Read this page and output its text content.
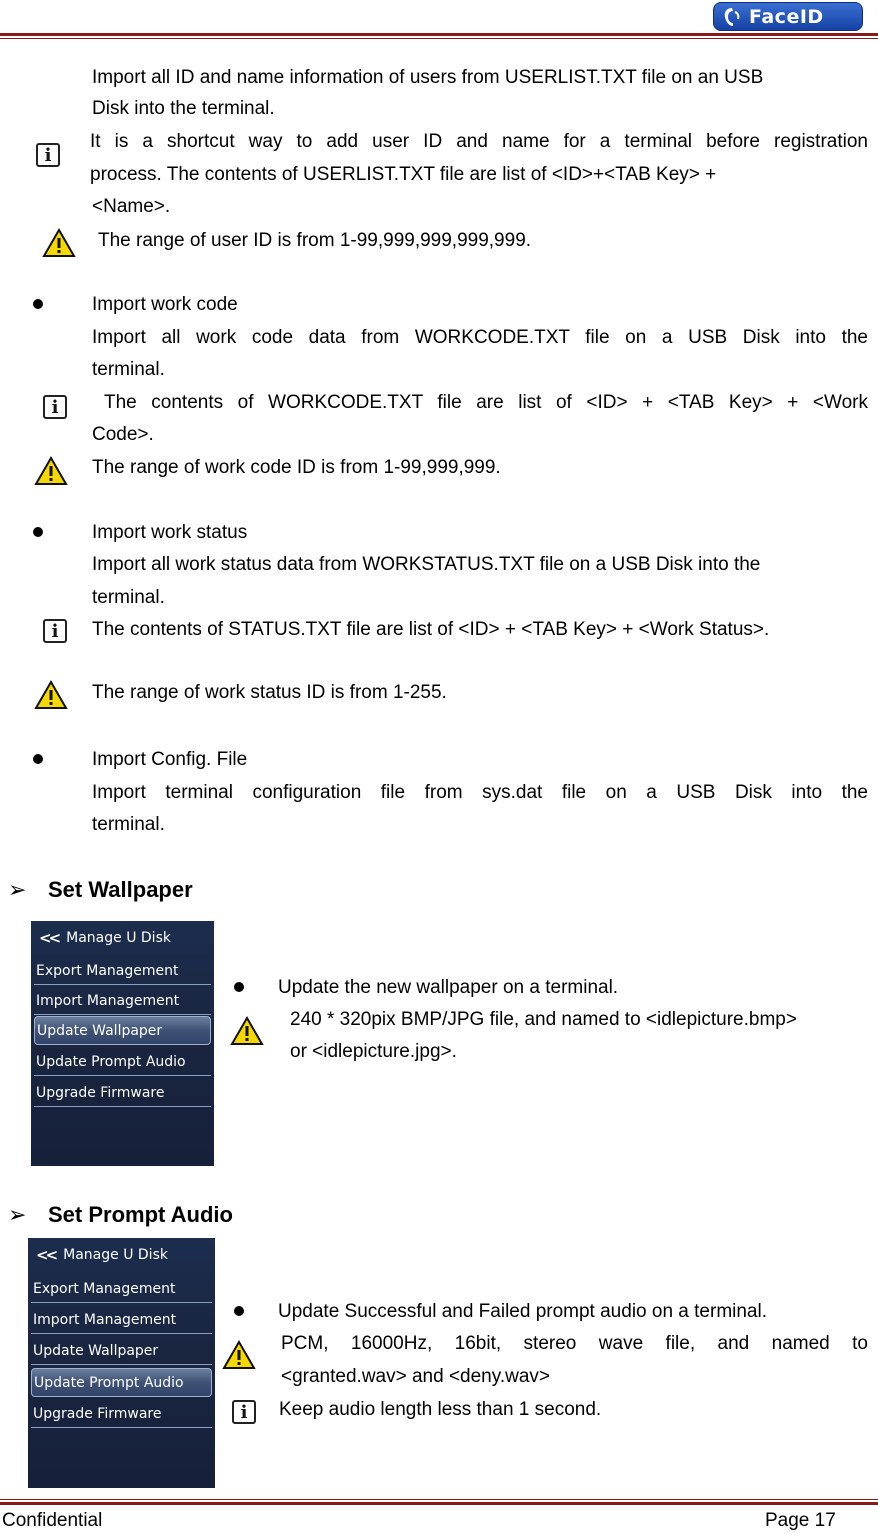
FaceID
Import all ID and name information of users from USERLIST.TXT file on an USB
Disk into the terminal.
i
It is a shortcut way to add user ID and name for a terminal before registration
process. The contents of USERLIST.TXT file are list of <ID>+<TAB Key> +
<Name>.
The range of user ID is from 1-99,999,999,999,999.
Import work code
Import all work code data from WORKCODE.TXT file on a USB Disk into the
terminal.
i	The contents of WORKCODE.TXT file are list of <ID> + <TAB Key> + <Work
Code>.
The range of work code ID is from 1-99,999,999.
Import work status
Import all work status data from WORKSTATUS.TXT file on a USB Disk into the
terminal.
i	The contents of STATUS.TXT file are list of <ID> + <TAB Key> + <Work Status>.
The range of work status ID is from 1-255.
Import Config. File
Import terminal configuration file from sys.dat file on a USB Disk into the
terminal.
➢ Set Wallpaper
<< Manage U Disk
Export Management
Import Management
Update Wallpaper
Update Prompt Audio
Upgrade Firmware
Update the new wallpaper on a terminal.
240 * 320pix BMP/JPG file, and named to <idlepicture.bmp>
or <idlepicture.jpg>.
➢ Set Prompt Audio
<< Manage U Disk
Export Management
Import Management
Update Wallpaper
Update Prompt Audio
Upgrade Firmware
Update Successful and Failed prompt audio on a terminal.
PCM, 16000Hz, 16bit, stereo wave file, and named to
<granted.wav> and <deny.wav>
i	Keep audio length less than 1 second.
Confidential	Page 17
